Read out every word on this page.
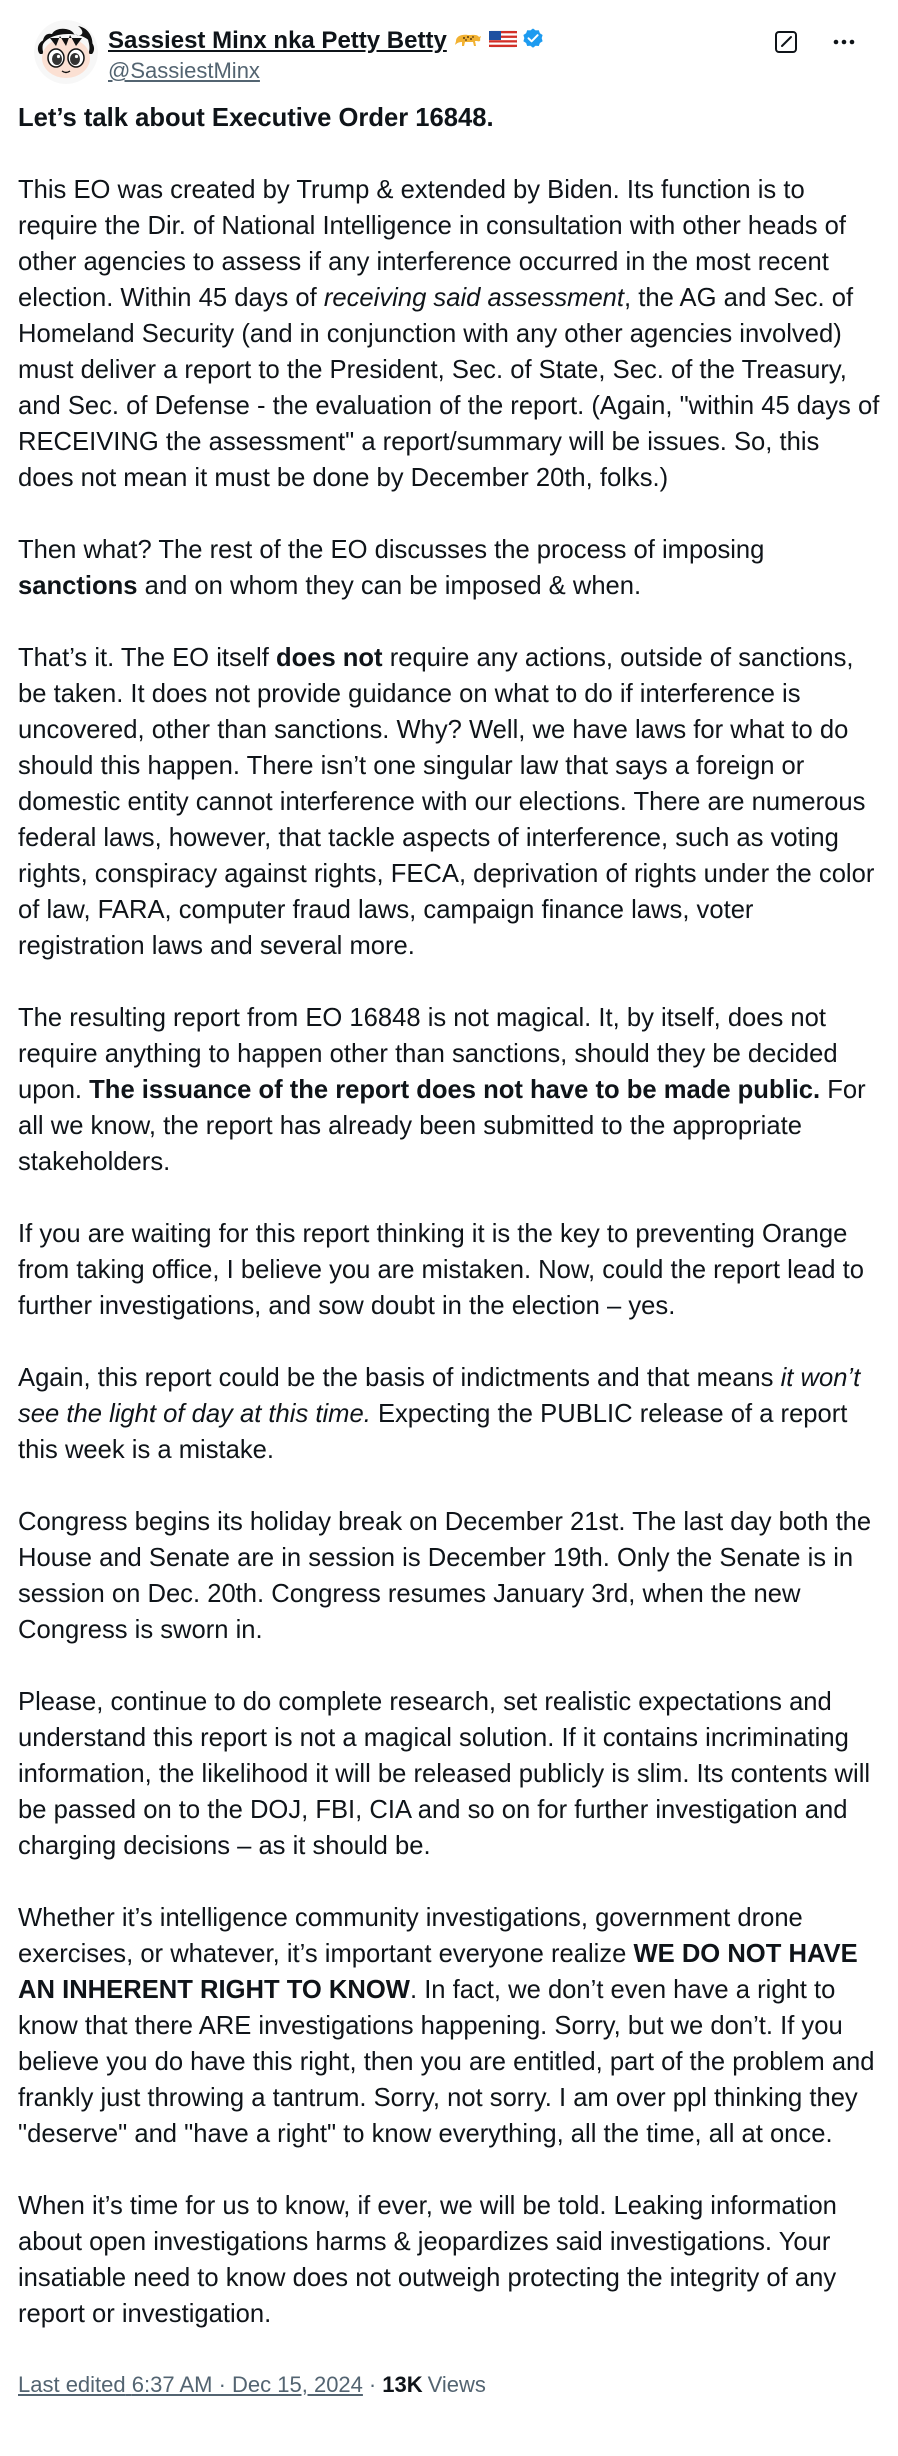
Sassiest Minx nka Petty Betty
@SassiestMinx

Let’s talk about Executive Order 16848.

This EO was created by Trump & extended by Biden. Its function is to require the Dir. of National Intelligence in consultation with other heads of other agencies to assess if any interference occurred in the most recent election. Within 45 days of receiving said assessment, the AG and Sec. of Homeland Security (and in conjunction with any other agencies involved) must deliver a report to the President, Sec. of State, Sec. of the Treasury, and Sec. of Defense - the evaluation of the report. (Again, "within 45 days of RECEIVING the assessment" a report/summary will be issues. So, this does not mean it must be done by December 20th, folks.)

Then what? The rest of the EO discusses the process of imposing sanctions and on whom they can be imposed & when.

That’s it. The EO itself does not require any actions, outside of sanctions, be taken. It does not provide guidance on what to do if interference is uncovered, other than sanctions. Why? Well, we have laws for what to do should this happen. There isn’t one singular law that says a foreign or domestic entity cannot interference with our elections. There are numerous federal laws, however, that tackle aspects of interference, such as voting rights, conspiracy against rights, FECA, deprivation of rights under the color of law, FARA, computer fraud laws, campaign finance laws, voter registration laws and several more.

The resulting report from EO 16848 is not magical. It, by itself, does not require anything to happen other than sanctions, should they be decided upon. The issuance of the report does not have to be made public. For all we know, the report has already been submitted to the appropriate stakeholders.

If you are waiting for this report thinking it is the key to preventing Orange from taking office, I believe you are mistaken. Now, could the report lead to further investigations, and sow doubt in the election – yes.

Again, this report could be the basis of indictments and that means it won’t see the light of day at this time. Expecting the PUBLIC release of a report this week is a mistake.

Congress begins its holiday break on December 21st. The last day both the House and Senate are in session is December 19th. Only the Senate is in session on Dec. 20th. Congress resumes January 3rd, when the new Congress is sworn in.

Please, continue to do complete research, set realistic expectations and understand this report is not a magical solution. If it contains incriminating information, the likelihood it will be released publicly is slim. Its contents will be passed on to the DOJ, FBI, CIA and so on for further investigation and charging decisions – as it should be.

Whether it’s intelligence community investigations, government drone exercises, or whatever, it’s important everyone realize WE DO NOT HAVE AN INHERENT RIGHT TO KNOW. In fact, we don’t even have a right to know that there ARE investigations happening. Sorry, but we don’t. If you believe you do have this right, then you are entitled, part of the problem and frankly just throwing a tantrum. Sorry, not sorry. I am over ppl thinking they "deserve" and "have a right" to know everything, all the time, all at once.

When it’s time for us to know, if ever, we will be told. Leaking information about open investigations harms & jeopardizes said investigations. Your insatiable need to know does not outweigh protecting the integrity of any report or investigation.

Last edited 6:37 AM · Dec 15, 2024 · 13K Views
